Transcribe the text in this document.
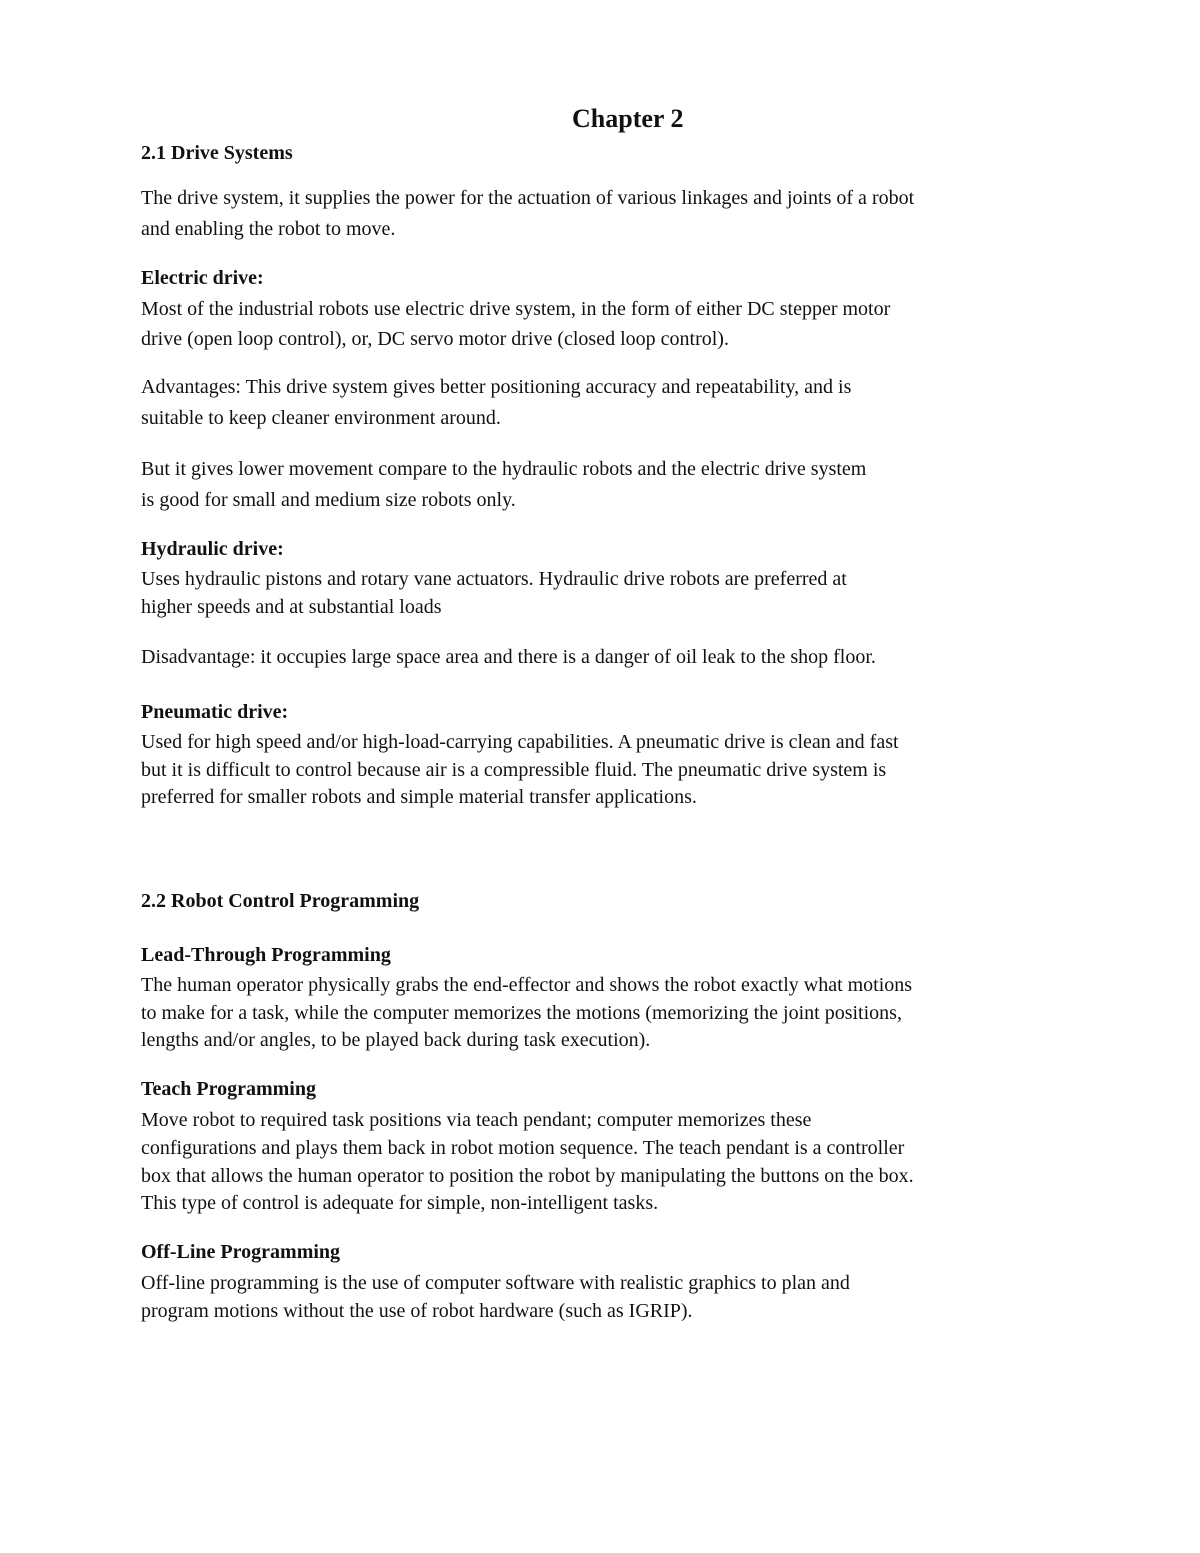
Chapter 2
2.1 Drive Systems
The drive system, it supplies the power for the actuation of various linkages and joints of a robot
and enabling the robot to move.
Electric drive:
Most of the industrial robots use electric drive system, in the form of either DC stepper motor
drive (open loop control), or, DC servo motor drive (closed loop control).
Advantages: This drive system gives better positioning accuracy and repeatability, and is
suitable to keep cleaner environment around.
But it gives lower movement compare to the hydraulic robots and the electric drive system
is good for small and medium size robots only.
Hydraulic drive:
Uses hydraulic pistons and rotary vane actuators. Hydraulic drive robots are preferred at
higher speeds and at substantial loads
Disadvantage: it occupies large space area and there is a danger of oil leak to the shop floor.
Pneumatic drive:
Used for high speed and/or high-load-carrying capabilities. A pneumatic drive is clean and fast
but it is difficult to control because air is a compressible fluid. The pneumatic drive system is
preferred for smaller robots and simple material transfer applications.
2.2 Robot Control Programming
Lead-Through Programming
The human operator physically grabs the end-effector and shows the robot exactly what motions
to make for a task, while the computer memorizes the motions (memorizing the joint positions,
lengths and/or angles, to be played back during task execution).
Teach Programming
Move robot to required task positions via teach pendant; computer memorizes these
configurations and plays them back in robot motion sequence. The teach pendant is a controller
box that allows the human operator to position the robot by manipulating the buttons on the box.
This type of control is adequate for simple, non-intelligent tasks.
Off-Line Programming
Off-line programming is the use of computer software with realistic graphics to plan and
program motions without the use of robot hardware (such as IGRIP).
